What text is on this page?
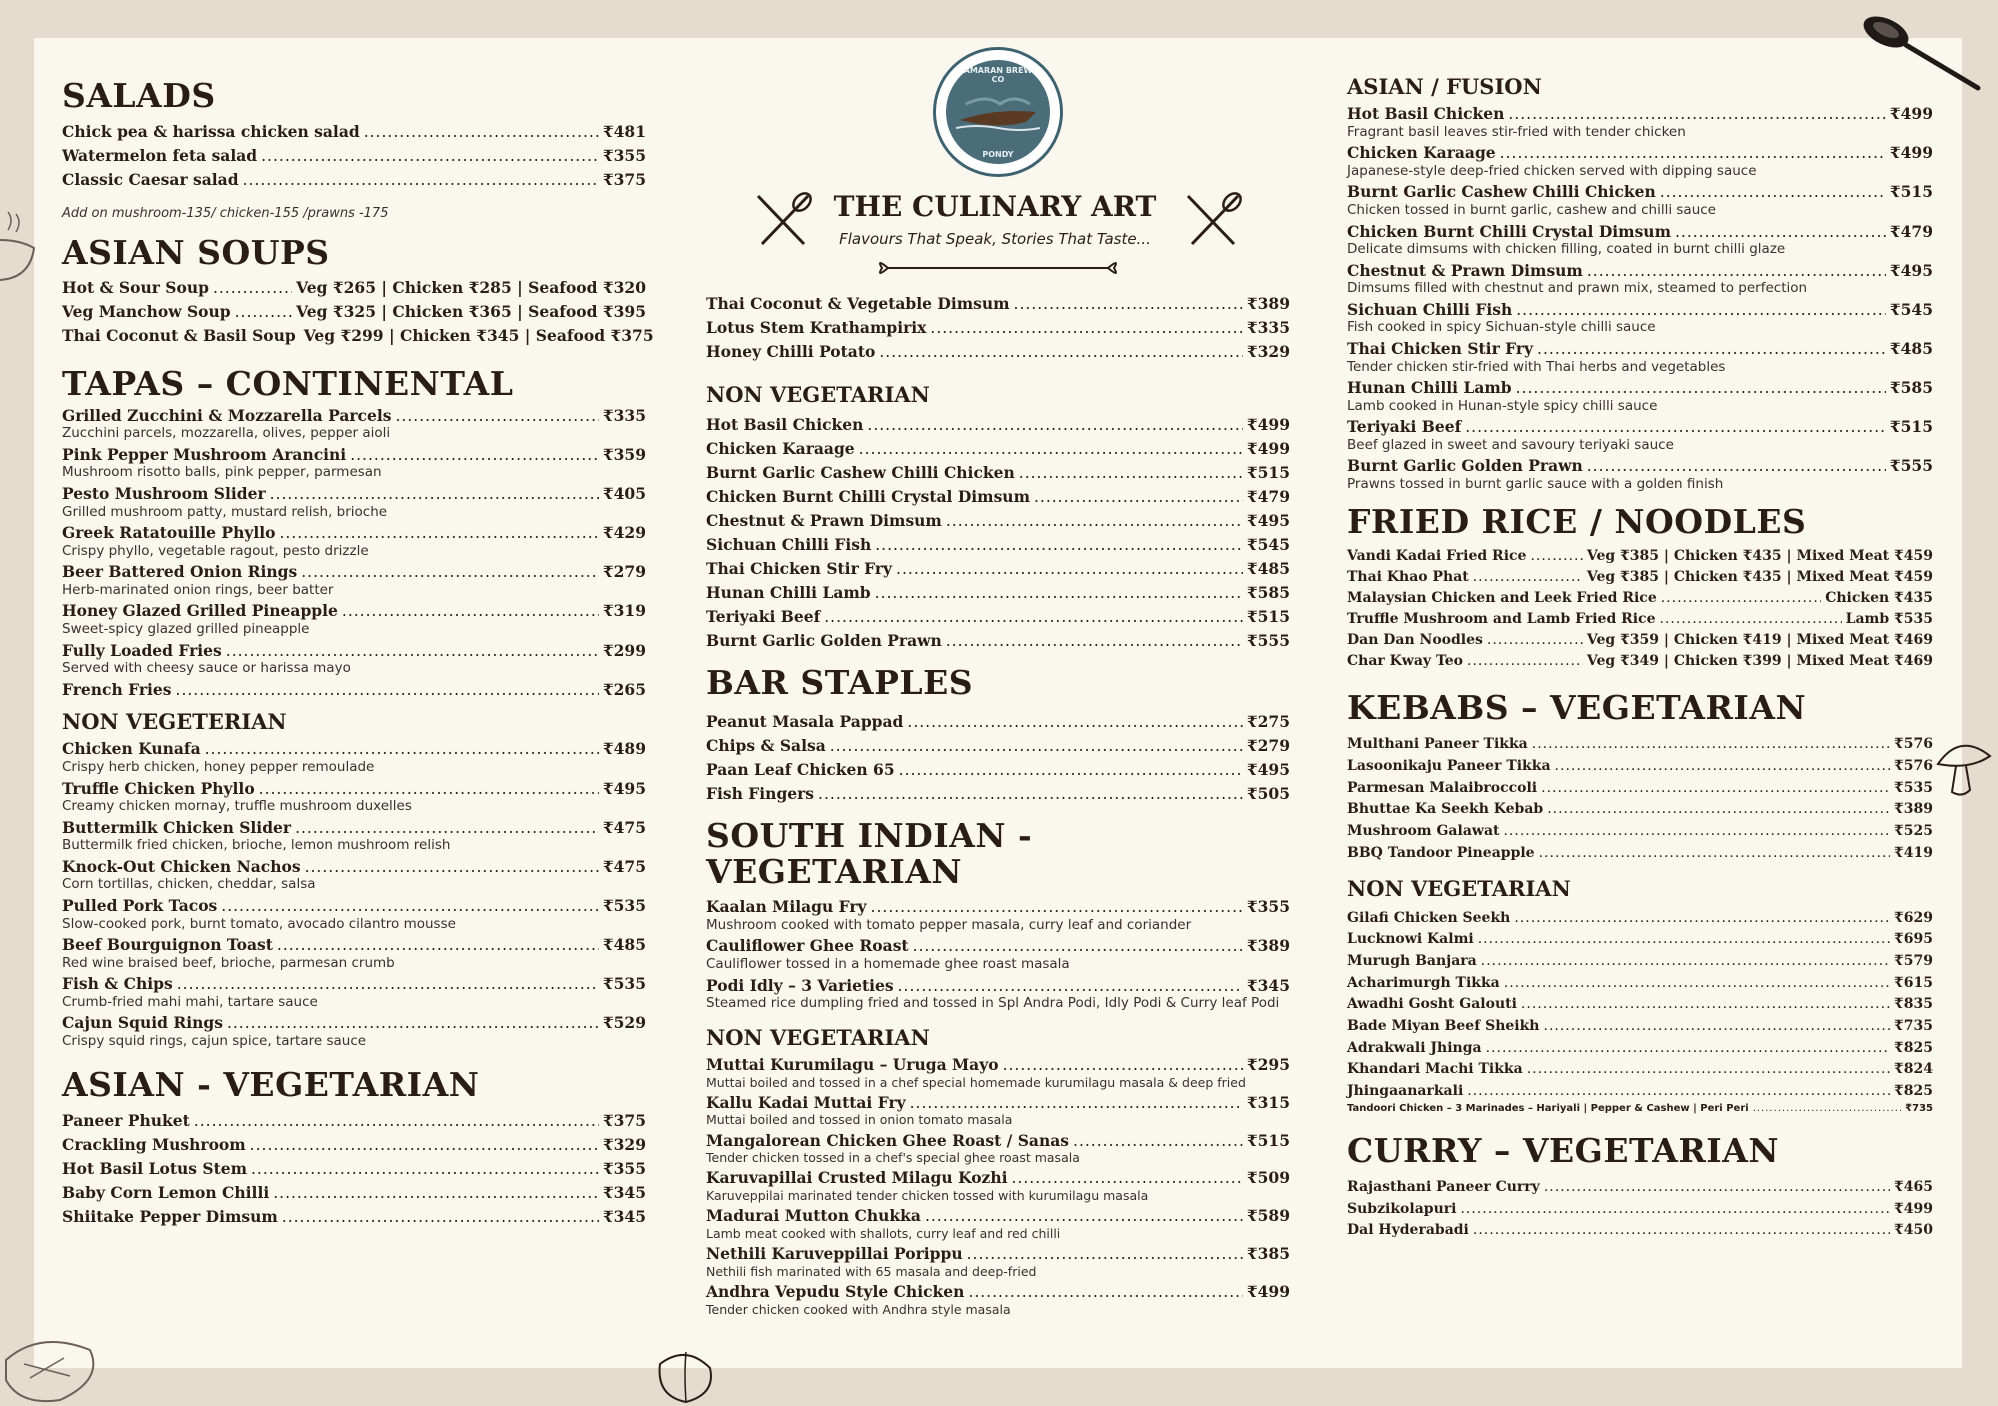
CATAMARAN BREWING CO
PONDY
THE CULINARY ART
Flavours That Speak, Stories That Taste...
SALADS
Chick pea & harissa chicken salad .....	₹481
Watermelon feta salad .....	₹355
Classic Caesar salad .....	₹375
Add on mushroom-135/ chicken-155 /prawns -175
ASIAN SOUPS
Hot & Sour Soup .....	Veg ₹265 | Chicken ₹285 | Seafood ₹320
Veg Manchow Soup .....	Veg ₹325 | Chicken ₹365 | Seafood ₹395
Thai Coconut & Basil Soup Veg ₹299 | Chicken ₹345 | Seafood ₹375
TAPAS – CONTINENTAL
Grilled Zucchini & Mozzarella Parcels .....	₹335
Zucchini parcels, mozzarella, olives, pepper aioli
Pink Pepper Mushroom Arancini .....	₹359
Mushroom risotto balls, pink pepper, parmesan
Pesto Mushroom Slider .....	₹405
Grilled mushroom patty, mustard relish, brioche
Greek Ratatouille Phyllo .....	₹429
Crispy phyllo, vegetable ragout, pesto drizzle
Beer Battered Onion Rings .....	₹279
Herb-marinated onion rings, beer batter
Honey Glazed Grilled Pineapple .....	₹319
Sweet-spicy glazed grilled pineapple
Fully Loaded Fries .....	₹299
Served with cheesy sauce or harissa mayo
French Fries .....	₹265
NON VEGETERIAN
Chicken Kunafa .....	₹489
Crispy herb chicken, honey pepper remoulade
Truffle Chicken Phyllo .....	₹495
Creamy chicken mornay, truffle mushroom duxelles
Buttermilk Chicken Slider .....	₹475
Buttermilk fried chicken, brioche, lemon mushroom relish
Knock-Out Chicken Nachos .....	₹475
Corn tortillas, chicken, cheddar, salsa
Pulled Pork Tacos .....	₹535
Slow-cooked pork, burnt tomato, avocado cilantro mousse
Beef Bourguignon Toast .....	₹485
Red wine braised beef, brioche, parmesan crumb
Fish & Chips .....	₹535
Crumb-fried mahi mahi, tartare sauce
Cajun Squid Rings .....	₹529
Crispy squid rings, cajun spice, tartare sauce
ASIAN - VEGETARIAN
Paneer Phuket .....	₹375
Crackling Mushroom .....	₹329
Hot Basil Lotus Stem .....	₹355
Baby Corn Lemon Chilli .....	₹345
Shiitake Pepper Dimsum .....	₹345
Thai Coconut & Vegetable Dimsum .....	₹389
Lotus Stem Krathampirix .....	₹335
Honey Chilli Potato .....	₹329
NON VEGETARIAN
Hot Basil Chicken .....	₹499
Chicken Karaage .....	₹499
Burnt Garlic Cashew Chilli Chicken .....	₹515
Chicken Burnt Chilli Crystal Dimsum .....	₹479
Chestnut & Prawn Dimsum .....	₹495
Sichuan Chilli Fish .....	₹545
Thai Chicken Stir Fry .....	₹485
Hunan Chilli Lamb .....	₹585
Teriyaki Beef .....	₹515
Burnt Garlic Golden Prawn .....	₹555
BAR STAPLES
Peanut Masala Pappad .....	₹275
Chips & Salsa .....	₹279
Paan Leaf Chicken 65 .....	₹495
Fish Fingers .....	₹505
SOUTH INDIAN - VEGETARIAN
Kaalan Milagu Fry .....	₹355
Mushroom cooked with tomato pepper masala, curry leaf and coriander
Cauliflower Ghee Roast .....	₹389
Cauliflower tossed in a homemade ghee roast masala
Podi Idly – 3 Varieties .....	₹345
Steamed rice dumpling fried and tossed in Spl Andra Podi, Idly Podi & Curry leaf Podi
NON VEGETARIAN
Muttai Kurumilagu – Uruga Mayo .....	₹295
Muttai boiled and tossed in a chef special homemade kurumilagu masala & deep fried
Kallu Kadai Muttai Fry .....	₹315
Muttai boiled and tossed in onion tomato masala
Mangalorean Chicken Ghee Roast / Sanas .....	₹515
Tender chicken tossed in a chef's special ghee roast masala
Karuvapillai Crusted Milagu Kozhi .....	₹509
Karuveppilai marinated tender chicken tossed with kurumilagu masala
Madurai Mutton Chukka .....	₹589
Lamb meat cooked with shallots, curry leaf and red chilli
Nethili Karuveppillai Porippu .....	₹385
Nethili fish marinated with 65 masala and deep-fried
Andhra Vepudu Style Chicken .....	₹499
Tender chicken cooked with Andhra style masala
ASIAN / FUSION
Hot Basil Chicken .....	₹499
Fragrant basil leaves stir-fried with tender chicken
Chicken Karaage .....	₹499
Japanese-style deep-fried chicken served with dipping sauce
Burnt Garlic Cashew Chilli Chicken .....	₹515
Chicken tossed in burnt garlic, cashew and chilli sauce
Chicken Burnt Chilli Crystal Dimsum .....	₹479
Delicate dimsums with chicken filling, coated in burnt chilli glaze
Chestnut & Prawn Dimsum .....	₹495
Dimsums filled with chestnut and prawn mix, steamed to perfection
Sichuan Chilli Fish .....	₹545
Fish cooked in spicy Sichuan-style chilli sauce
Thai Chicken Stir Fry .....	₹485
Tender chicken stir-fried with Thai herbs and vegetables
Hunan Chilli Lamb .....	₹585
Lamb cooked in Hunan-style spicy chilli sauce
Teriyaki Beef .....	₹515
Beef glazed in sweet and savoury teriyaki sauce
Burnt Garlic Golden Prawn .....	₹555
Prawns tossed in burnt garlic sauce with a golden finish
FRIED RICE / NOODLES
Vandi Kadai Fried Rice .....	Veg ₹385 | Chicken ₹435 | Mixed Meat ₹459
Thai Khao Phat .....	Veg ₹385 | Chicken ₹435 | Mixed Meat ₹459
Malaysian Chicken and Leek Fried Rice .....	Chicken ₹435
Truffle Mushroom and Lamb Fried Rice .....	Lamb ₹535
Dan Dan Noodles .....	Veg ₹359 | Chicken ₹419 | Mixed Meat ₹469
Char Kway Teo .....	Veg ₹349 | Chicken ₹399 | Mixed Meat ₹469
KEBABS – VEGETARIAN
Multhani Paneer Tikka .....	₹576
Lasoonikaju Paneer Tikka .....	₹576
Parmesan Malaibroccoli .....	₹535
Bhuttae Ka Seekh Kebab .....	₹389
Mushroom Galawat .....	₹525
BBQ Tandoor Pineapple .....	₹419
NON VEGETARIAN
Gilafi Chicken Seekh .....	₹629
Lucknowi Kalmi .....	₹695
Murugh Banjara .....	₹579
Acharimurgh Tikka .....	₹615
Awadhi Gosht Galouti .....	₹835
Bade Miyan Beef Sheikh .....	₹735
Adrakwali Jhinga .....	₹825
Khandari Machi Tikka .....	₹824
Jhingaanarkali .....	₹825
Tandoori Chicken – 3 Marinades – Hariyali | Pepper & Cashew | Peri Peri .....	₹735
CURRY – VEGETARIAN
Rajasthani Paneer Curry .....	₹465
Subzikolapuri .....	₹499
Dal Hyderabadi .....	₹450
